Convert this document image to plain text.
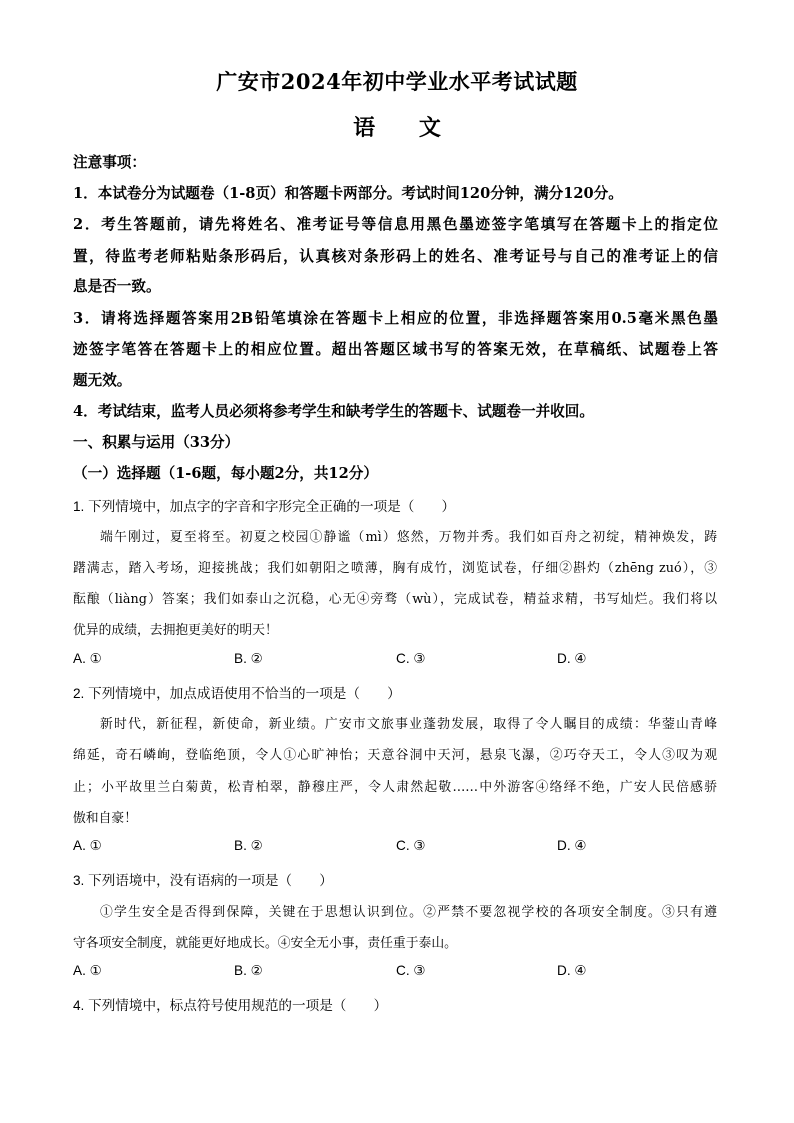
广安市2024年初中学业水平考试试题
语 文
注意事项：
1．本试卷分为试题卷（1-8页）和答题卡两部分。考试时间120分钟，满分120分。
2．考生答题前，请先将姓名、准考证号等信息用黑色墨迹签字笔填写在答题卡上的指定位
置，待监考老师粘贴条形码后，认真核对条形码上的姓名、准考证号与自己的准考证上的信
息是否一致。
3．请将选择题答案用2B铅笔填涂在答题卡上相应的位置，非选择题答案用0.5毫米黑色墨
迹签字笔答在答题卡上的相应位置。超出答题区域书写的答案无效，在草稿纸、试题卷上答
题无效。
4．考试结束，监考人员必须将参考学生和缺考学生的答题卡、试题卷一并收回。
一、积累与运用（33分）
（一）选择题（1-6题，每小题2分，共12分）
1. 下列情境中，加点字的字音和字形完全正确的一项是（　　）
端午刚过，夏至将至。初夏之校园①静谧（mì）悠然，万物并秀。我们如百舟之初绽，精神焕发，踌
躇满志，踏入考场，迎接挑战；我们如朝阳之喷薄，胸有成竹，浏览试卷，仔细②斟灼（zhēng zuó），③
酝酿（liàng）答案；我们如泰山之沉稳，心无④旁骛（wù），完成试卷，精益求精，书写灿烂。我们将以
优异的成绩，去拥抱更美好的明天！
A. ①	B. ②	C. ③	D. ④
2. 下列情境中，加点成语使用不恰当的一项是（　　）
新时代，新征程，新使命，新业绩。广安市文旅事业蓬勃发展，取得了令人瞩目的成绩：华蓥山青峰
绵延，奇石嶙峋，登临绝顶，令人①心旷神怡；天意谷洞中天河，悬泉飞瀑，②巧夺天工，令人③叹为观
止；小平故里兰白菊黄，松青柏翠，静穆庄严，令人肃然起敬……中外游客④络绎不绝，广安人民倍感骄
傲和自豪！
A. ①	B. ②	C. ③	D. ④
3. 下列语境中，没有语病的一项是（　　）
①学生安全是否得到保障，关键在于思想认识到位。②严禁不要忽视学校的各项安全制度。③只有遵
守各项安全制度，就能更好地成长。④安全无小事，责任重于泰山。
A. ①	B. ②	C. ③	D. ④
4. 下列情境中，标点符号使用规范的一项是（　　）
